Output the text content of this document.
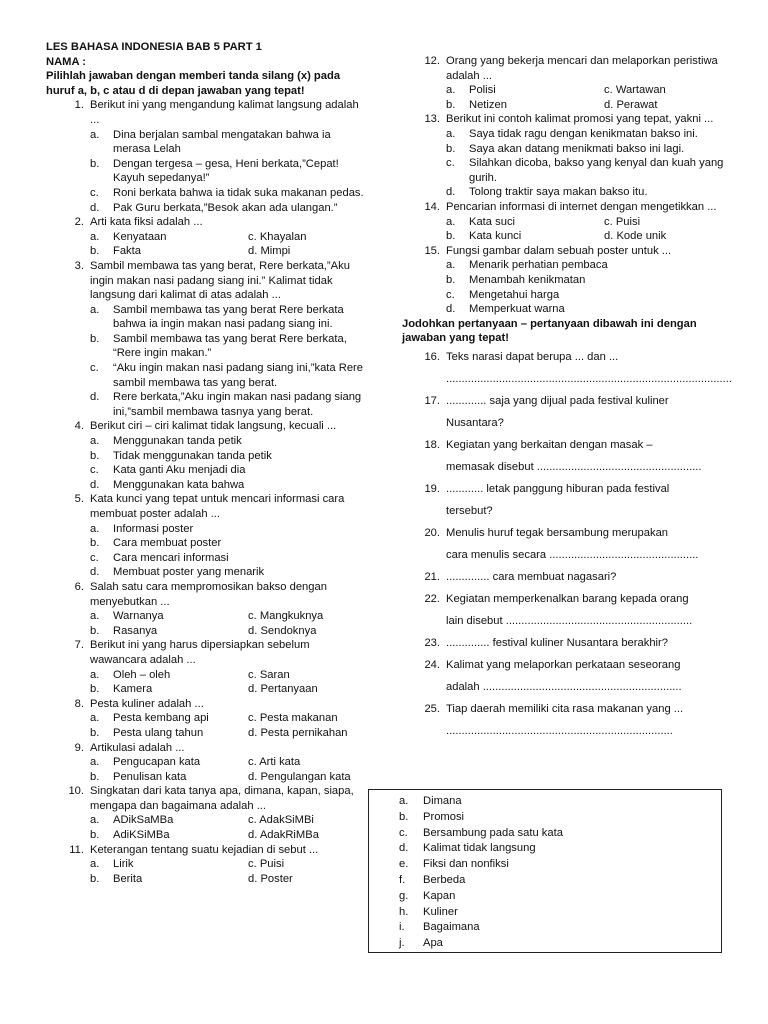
LES BAHASA INDONESIA BAB 5 PART 1
NAMA :
Pilihlah jawaban dengan memberi tanda silang (x) pada huruf a, b, c atau d di depan jawaban yang tepat!
1. Berikut ini yang mengandung kalimat langsung adalah ...
a. Dina berjalan sambal mengatakan bahwa ia merasa Lelah
b. Dengan tergesa – gesa, Heni berkata,”Cepat! Kayuh sepedanya!”
c. Roni berkata bahwa ia tidak suka makanan pedas.
d. Pak Guru berkata,”Besok akan ada ulangan.”
2. Arti kata fiksi adalah ...
a. Kenyataan	c. Khayalan
b. Fakta	d. Mimpi
3. Sambil membawa tas yang berat, Rere berkata,”Aku ingin makan nasi padang siang ini.” Kalimat tidak langsung dari kalimat di atas adalah ...
a. Sambil membawa tas yang berat Rere berkata bahwa ia ingin makan nasi padang siang ini.
b. Sambil membawa tas yang berat Rere berkata, “Rere ingin makan.”
c. “Aku ingin makan nasi padang siang ini,”kata Rere sambil membawa tas yang berat.
d. Rere berkata,”Aku ingin makan nasi padang siang ini,”sambil membawa tasnya yang berat.
4. Berikut ciri – ciri kalimat tidak langsung, kecuali ...
a. Menggunakan tanda petik
b. Tidak menggunakan tanda petik
c. Kata ganti Aku menjadi dia
d. Menggunakan kata bahwa
5. Kata kunci yang tepat untuk mencari informasi cara membuat poster adalah ...
a. Informasi poster
b. Cara membuat poster
c. Cara mencari informasi
d. Membuat poster yang menarik
6. Salah satu cara mempromosikan bakso dengan menyebutkan ...
a. Warnanya	c. Mangkuknya
b. Rasanya	d. Sendoknya
7. Berikut ini yang harus dipersiapkan sebelum wawancara adalah ...
a. Oleh – oleh	c. Saran
b. Kamera	d. Pertanyaan
8. Pesta kuliner adalah ...
a. Pesta kembang api	c. Pesta makanan
b. Pesta ulang tahun	d. Pesta pernikahan
9. Artikulasi adalah ...
a. Pengucapan kata	c. Arti kata
b. Penulisan kata	d. Pengulangan kata
10. Singkatan dari kata tanya apa, dimana, kapan, siapa, mengapa dan bagaimana adalah ...
a. ADikSaMBa	c. AdakSiMBi
b. AdiKSiMBa	d. AdakRiMBa
11. Keterangan tentang suatu kejadian di sebut ...
a. Lirik	c. Puisi
b. Berita	d. Poster
12. Orang yang bekerja mencari dan melaporkan peristiwa adalah ...
a. Polisi	c. Wartawan
b. Netizen	d. Perawat
13. Berikut ini contoh kalimat promosi yang tepat, yakni ...
a. Saya tidak ragu dengan kenikmatan bakso ini.
b. Saya akan datang menikmati bakso ini lagi.
c. Silahkan dicoba, bakso yang kenyal dan kuah yang gurih.
d. Tolong traktir saya makan bakso itu.
14. Pencarian informasi di internet dengan mengetikkan ...
a. Kata suci	c. Puisi
b. Kata kunci	d. Kode unik
15. Fungsi gambar dalam sebuah poster untuk ...
a. Menarik perhatian pembaca
b. Menambah kenikmatan
c. Mengetahui harga
d. Memperkuat warna
Jodohkan pertanyaan – pertanyaan dibawah ini dengan jawaban yang tepat!
16. Teks narasi dapat berupa ... dan ...
............................................................................................
17. ............. saja yang dijual pada festival kuliner
Nusantara?
18. Kegiatan yang berkaitan dengan masak –
memasak disebut .....................................................
19. ............ letak panggung hiburan pada festival
tersebut?
20. Menulis huruf tegak bersambung merupakan
cara menulis secara ................................................
21. .............. cara membuat nagasari?
22. Kegiatan memperkenalkan barang kepada orang
lain disebut ............................................................
23. .............. festival kuliner Nusantara berakhir?
24. Kalimat yang melaporkan perkataan seseorang
adalah ................................................................
25. Tiap daerah memiliki cita rasa makanan yang ...
.........................................................................
a. Dimana
b. Promosi
c. Bersambung pada satu kata
d. Kalimat tidak langsung
e. Fiksi dan nonfiksi
f. Berbeda
g. Kapan
h. Kuliner
i. Bagaimana
j. Apa
